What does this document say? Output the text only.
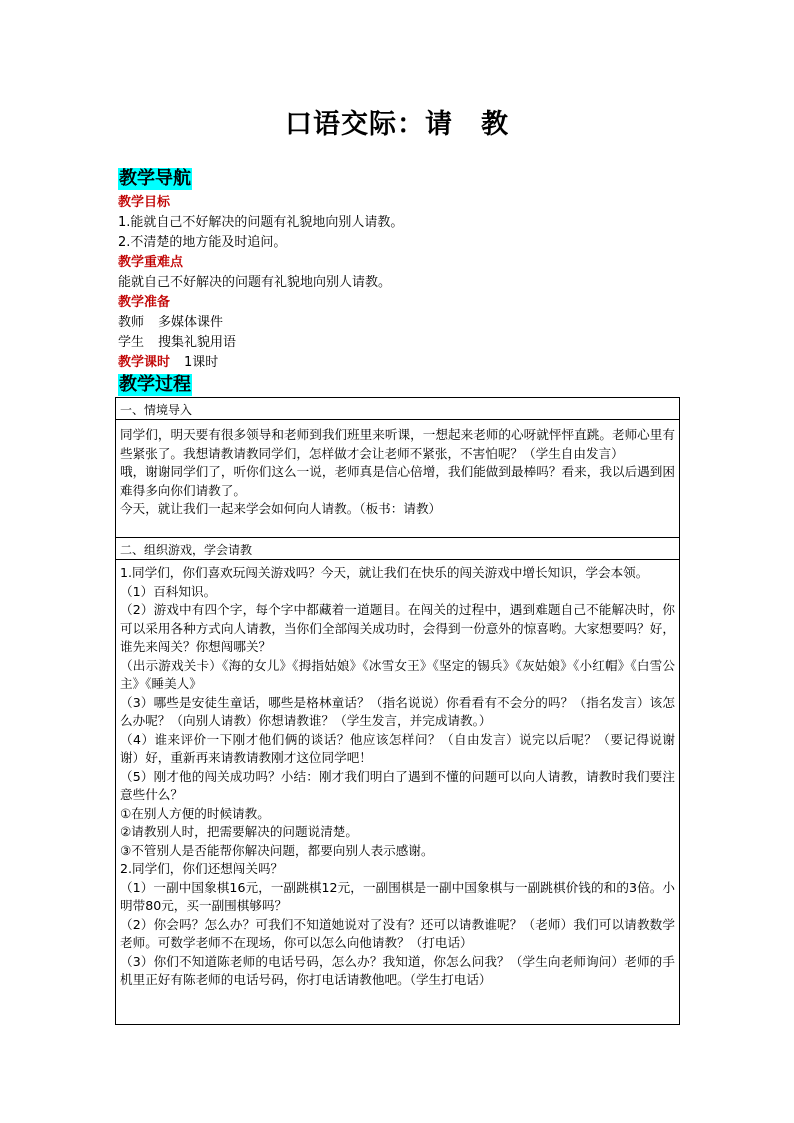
口语交际：请　教
教学导航
教学目标
1.能就自己不好解决的问题有礼貌地向别人请教。
2.不清楚的地方能及时追问。
教学重难点
能就自己不好解决的问题有礼貌地向别人请教。
教学准备
教师 多媒体课件
学生 搜集礼貌用语
教学课时 1课时
教学过程

一、情境导入

同学们，明天要有很多领导和老师到我们班里来听课，一想起来老师的心呀就怦怦直跳。老师心里有些紧张了。我想请教请教同学们，怎样做才会让老师不紧张，不害怕呢？（学生自由发言）

哦，谢谢同学们了，听你们这么一说，老师真是信心倍增，我们能做到最棒吗？看来，我以后遇到困难得多向你们请教了。

今天，就让我们一起来学会如何向人请教。（板书：请教）

二、组织游戏，学会请教

1.同学们，你们喜欢玩闯关游戏吗？今天，就让我们在快乐的闯关游戏中增长知识，学会本领。

（1）百科知识。

（2）游戏中有四个字，每个字中都藏着一道题目。在闯关的过程中，遇到难题自己不能解决时，你可以采用各种方式向人请教，当你们全部闯关成功时，会得到一份意外的惊喜哟。大家想要吗？好，谁先来闯关？你想闯哪关？

（出示游戏关卡）《海的女儿》《拇指姑娘》《冰雪女王》《坚定的锡兵》《灰姑娘》《小红帽》《白雪公主》《睡美人》

（3）哪些是安徒生童话，哪些是格林童话？（指名说说）你看看有不会分的吗？（指名发言）该怎么办呢？（向别人请教）你想请教谁？（学生发言，并完成请教。）

（4）谁来评价一下刚才他们俩的谈话？他应该怎样问？（自由发言）说完以后呢？（要记得说谢谢）好，重新再来请教请教刚才这位同学吧！

（5）刚才他的闯关成功吗？小结：刚才我们明白了遇到不懂的问题可以向人请教，请教时我们要注意些什么？

①在别人方便的时候请教。

②请教别人时，把需要解决的问题说清楚。

③不管别人是否能帮你解决问题，都要向别人表示感谢。

2.同学们，你们还想闯关吗？

（1）一副中国象棋16元，一副跳棋12元，一副围棋是一副中国象棋与一副跳棋价钱的和的3倍。小明带80元，买一副围棋够吗？

（2）你会吗？怎么办？可我们不知道她说对了没有？还可以请教谁呢？（老师）我们可以请教数学老师。可数学老师不在现场，你可以怎么向他请教？（打电话）

（3）你们不知道陈老师的电话号码，怎么办？我知道，你怎么问我？（学生向老师询问）老师的手机里正好有陈老师的电话号码，你打电话请教他吧。（学生打电话）
